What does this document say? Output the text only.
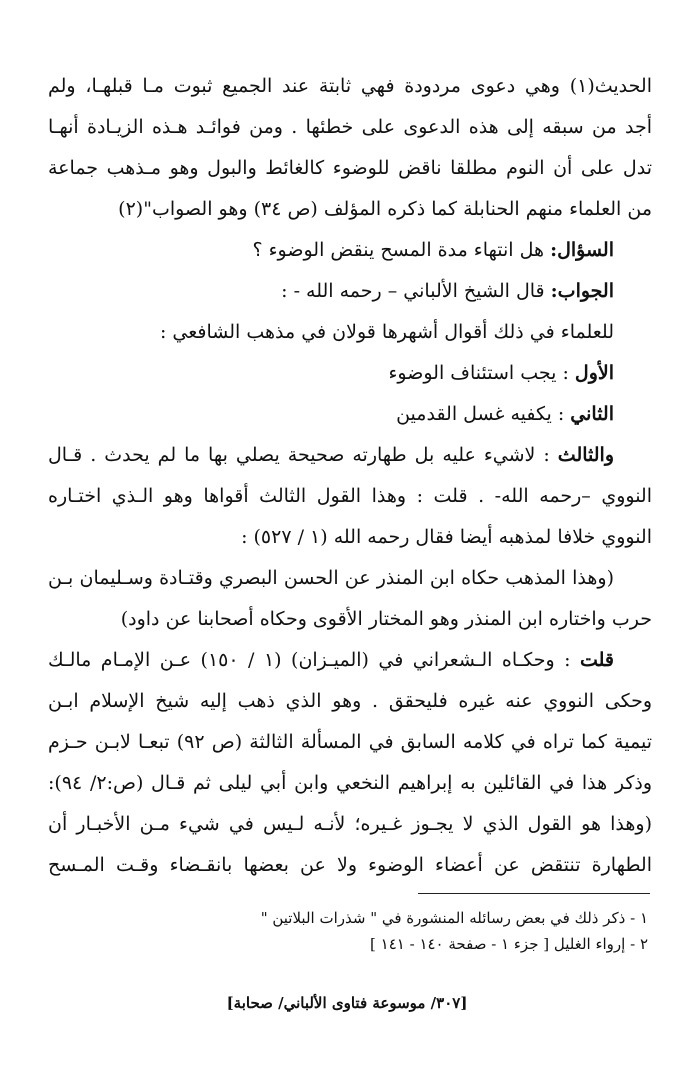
الحديث(١) وهي دعوى مردودة فهي ثابتة عند الجميع ثبوت مـا قبلهـا، ولم
أجد من سبقه إلى هذه الدعوى على خطئها . ومن فوائـد هـذه الزيـادة أنهـا
تدل على أن النوم مطلقا ناقض للوضوء كالغائط والبول وهو مـذهب جماعة
من العلماء منهم الحنابلة كما ذكره المؤلف (ص ٣٤) وهو الصواب"(٢)
السؤال: هل انتهاء مدة المسح ينقض الوضوء ؟
الجواب: قال الشيخ الألباني – رحمه الله - :
للعلماء في ذلك أقوال أشهرها قولان في مذهب الشافعي :
الأول : يجب استئناف الوضوء
الثاني : يكفيه غسل القدمين
والثالث : لاشيء عليه بل طهارته صحيحة يصلي بها ما لم يحدث . قـال
النووي –رحمه الله- . قلت : وهذا القول الثالث أقواها وهو الـذي اختـاره
النووي خلافا لمذهبه أيضا فقال رحمه الله (١ / ٥٢٧) :
(وهذا المذهب حكاه ابن المنذر عن الحسن البصري وقتـادة وسـليمان بـن
حرب واختاره ابن المنذر وهو المختار الأقوى وحكاه أصحابنا عن داود)
قلت : وحكـاه الـشعراني في (الميـزان) (١ / ١٥٠) عـن الإمـام مالـك
وحكى النووي عنه غيره فليحقق . وهو الذي ذهب إليه شيخ الإسلام ابـن
تيمية كما تراه في كلامه السابق في المسألة الثالثة (ص ٩٢) تبعـا لابـن حـزم
وذكر هذا في القائلين به إبراهيم النخعي وابن أبي ليلى ثم قـال (ص:٢/ ٩٤):
(وهذا هو القول الذي لا يجـوز غـيره؛ لأنـه لـيس في شيء مـن الأخبـار أن
الطهارة تنتقض عن أعضاء الوضوء ولا عن بعضها بانقـضاء وقـت المـسح
١ - ذكر ذلك في بعض رسائله المنشورة في " شذرات البلاتين "
٢ - إرواء الغليل [ جزء ١ - صفحة ١٤٠ - ١٤١ ]
[٣٠٧/ موسوعة فتاوى الألباني/ صحابة]
